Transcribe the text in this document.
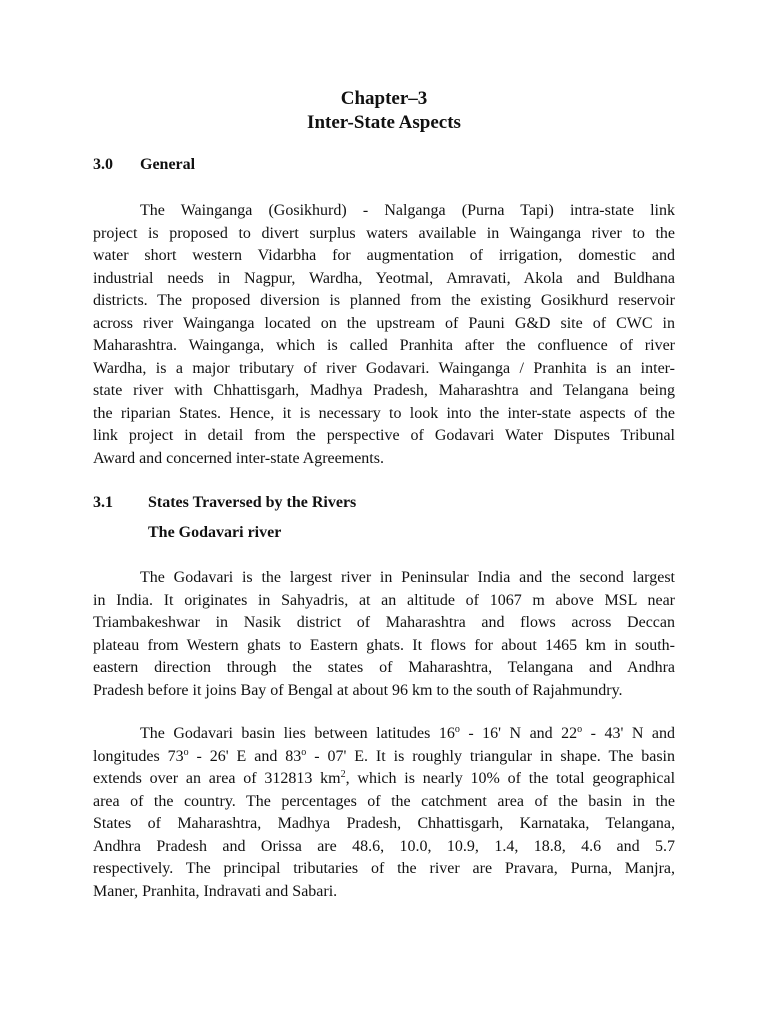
Chapter–3
Inter-State Aspects
3.0 General
The Wainganga (Gosikhurd) - Nalganga (Purna Tapi) intra-state link
project is proposed to divert surplus waters available in Wainganga river to the
water short western Vidarbha for augmentation of irrigation, domestic and
industrial needs in Nagpur, Wardha, Yeotmal, Amravati, Akola and Buldhana
districts. The proposed diversion is planned from the existing Gosikhurd reservoir
across river Wainganga located on the upstream of Pauni G&D site of CWC in
Maharashtra. Wainganga, which is called Pranhita after the confluence of river
Wardha, is a major tributary of river Godavari. Wainganga / Pranhita is an inter-
state river with Chhattisgarh, Madhya Pradesh, Maharashtra and Telangana being
the riparian States. Hence, it is necessary to look into the inter-state aspects of the
link project in detail from the perspective of Godavari Water Disputes Tribunal
Award and concerned inter-state Agreements.
3.1 States Traversed by the Rivers
The Godavari river
The Godavari is the largest river in Peninsular India and the second largest
in India. It originates in Sahyadris, at an altitude of 1067 m above MSL near
Triambakeshwar in Nasik district of Maharashtra and flows across Deccan
plateau from Western ghats to Eastern ghats. It flows for about 1465 km in south-
eastern direction through the states of Maharashtra, Telangana and Andhra
Pradesh before it joins Bay of Bengal at about 96 km to the south of Rajahmundry.
The Godavari basin lies between latitudes 16$^o$ - 16' N and 22$^o$ - 43' N and
longitudes 73$^o$ - 26' E and 83$^o$ - 07' E. It is roughly triangular in shape. The basin
extends over an area of 312813 $km^2$, which is nearly 10% of the total geographical
area of the country. The percentages of the catchment area of the basin in the
States of Maharashtra, Madhya Pradesh, Chhattisgarh, Karnataka, Telangana,
Andhra Pradesh and Orissa are 48.6, 10.0, 10.9, 1.4, 18.8, 4.6 and 5.7
respectively. The principal tributaries of the river are Pravara, Purna, Manjra,
Maner, Pranhita, Indravati and Sabari.
